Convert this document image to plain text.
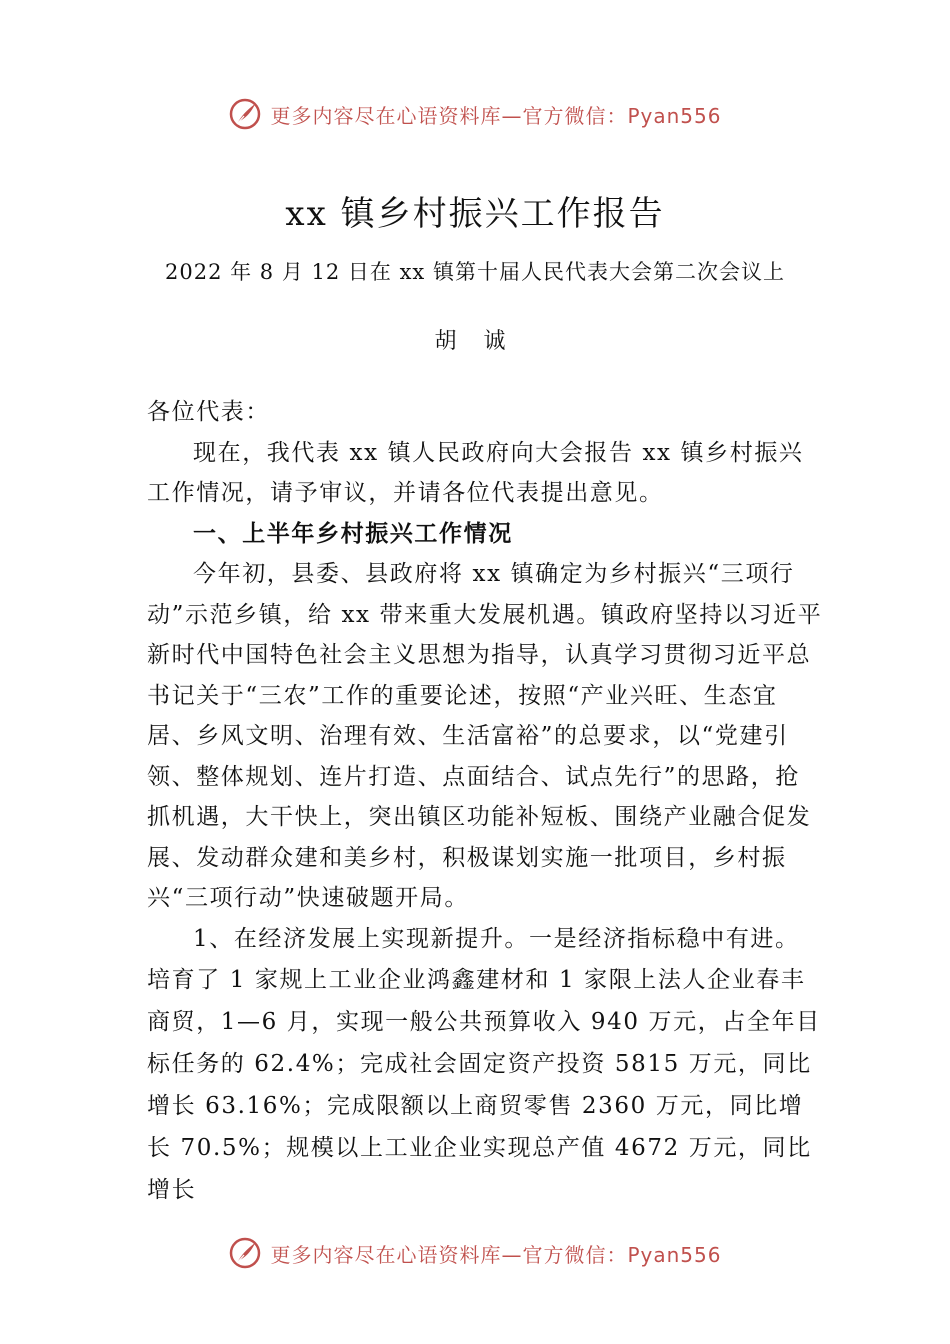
更多内容尽在心语资料库—官方微信：Pyan556
xx 镇乡村振兴工作报告
2022 年 8 月 12 日在 xx 镇第十届人民代表大会第二次会议上
胡 诚

各位代表：

现在，我代表 xx 镇人民政府向大会报告 xx 镇乡村振兴工作情况，请予审议，并请各位代表提出意见。

一、上半年乡村振兴工作情况

今年初，县委、县政府将 xx 镇确定为乡村振兴“三项行动”示范乡镇，给 xx 带来重大发展机遇。镇政府坚持以习近平新时代中国特色社会主义思想为指导，认真学习贯彻习近平总书记关于“三农”工作的重要论述，按照“产业兴旺、生态宜居、乡风文明、治理有效、生活富裕”的总要求，以“党建引领、整体规划、连片打造、点面结合、试点先行”的思路，抢抓机遇，大干快上，突出镇区功能补短板、围绕产业融合促发展、发动群众建和美乡村，积极谋划实施一批项目，乡村振兴“三项行动”快速破题开局。

1、在经济发展上实现新提升。一是经济指标稳中有进。

培育了 1 家规上工业企业鸿鑫建材和 1 家限上法人企业春丰商贸，1—6 月，实现一般公共预算收入 940 万元，占全年目标任务的 62.4%；完成社会固定资产投资 5815 万元，同比增长 63.16%；完成限额以上商贸零售 2360 万元，同比增长 70.5%；规模以上工业企业实现总产值 4672 万元，同比增长

更多内容尽在心语资料库—官方微信：Pyan556
